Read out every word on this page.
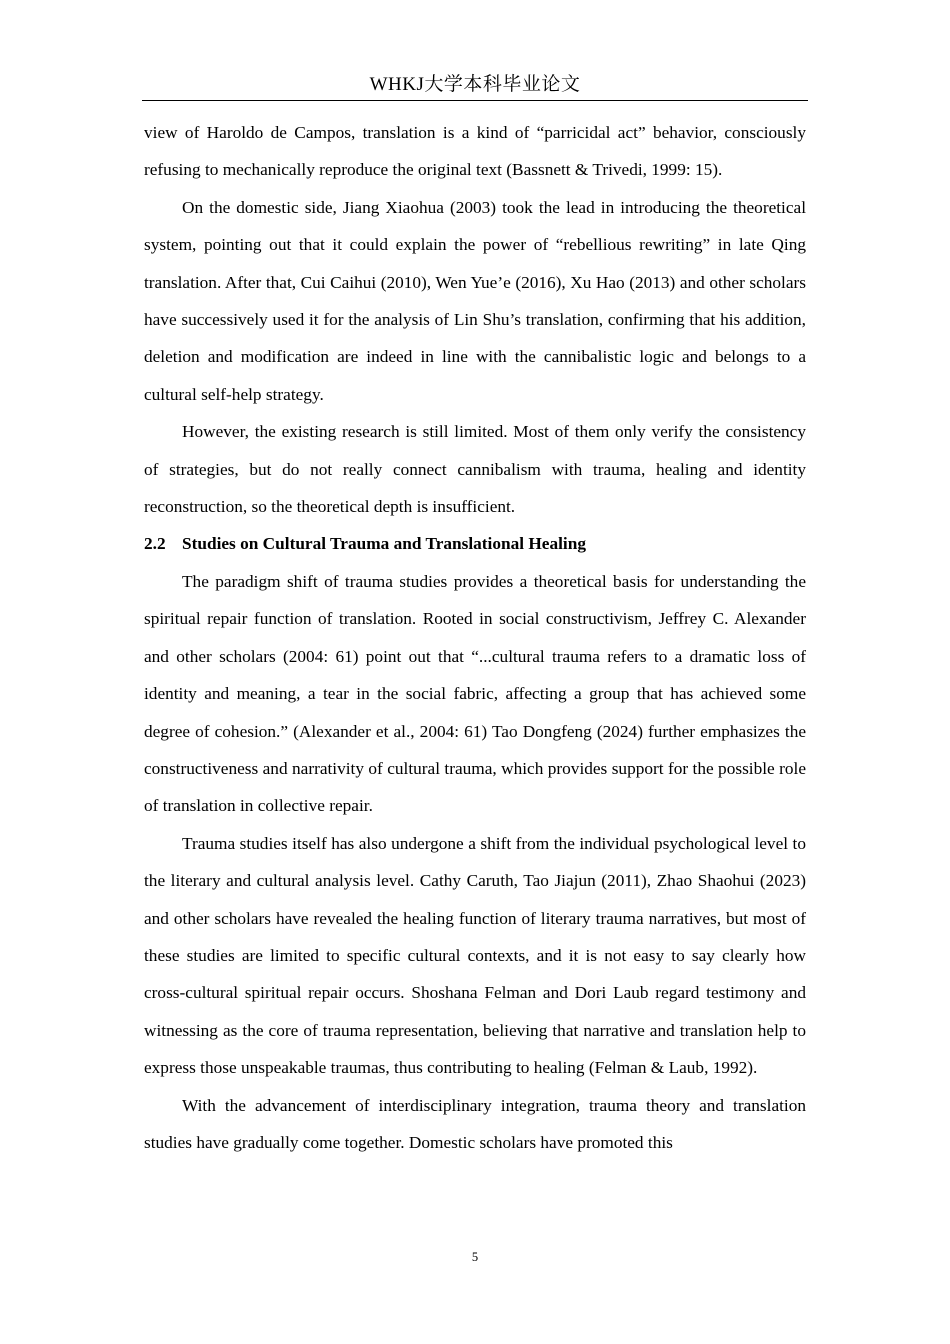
WHKJ大学本科毕业论文

view of Haroldo de Campos, translation is a kind of “parricidal act” behavior, consciously refusing to mechanically reproduce the original text (Bassnett & Trivedi, 1999: 15).

On the domestic side, Jiang Xiaohua (2003) took the lead in introducing the theoretical system, pointing out that it could explain the power of “rebellious rewriting” in late Qing translation. After that, Cui Caihui (2010), Wen Yue’e (2016), Xu Hao (2013) and other scholars have successively used it for the analysis of Lin Shu’s translation, confirming that his addition, deletion and modification are indeed in line with the cannibalistic logic and belongs to a cultural self-help strategy.

However, the existing research is still limited. Most of them only verify the consistency of strategies, but do not really connect cannibalism with trauma, healing and identity reconstruction, so the theoretical depth is insufficient.

2.2 Studies on Cultural Trauma and Translational Healing

The paradigm shift of trauma studies provides a theoretical basis for understanding the spiritual repair function of translation. Rooted in social constructivism, Jeffrey C. Alexander and other scholars (2004: 61) point out that “...cultural trauma refers to a dramatic loss of identity and meaning, a tear in the social fabric, affecting a group that has achieved some degree of cohesion.” (Alexander et al., 2004: 61) Tao Dongfeng (2024) further emphasizes the constructiveness and narrativity of cultural trauma, which provides support for the possible role of translation in collective repair.

Trauma studies itself has also undergone a shift from the individual psychological level to the literary and cultural analysis level. Cathy Caruth, Tao Jiajun (2011), Zhao Shaohui (2023) and other scholars have revealed the healing function of literary trauma narratives, but most of these studies are limited to specific cultural contexts, and it is not easy to say clearly how cross-cultural spiritual repair occurs. Shoshana Felman and Dori Laub regard testimony and witnessing as the core of trauma representation, believing that narrative and translation help to express those unspeakable traumas, thus contributing to healing (Felman & Laub, 1992).

With the advancement of interdisciplinary integration, trauma theory and translation studies have gradually come together. Domestic scholars have promoted this

5
